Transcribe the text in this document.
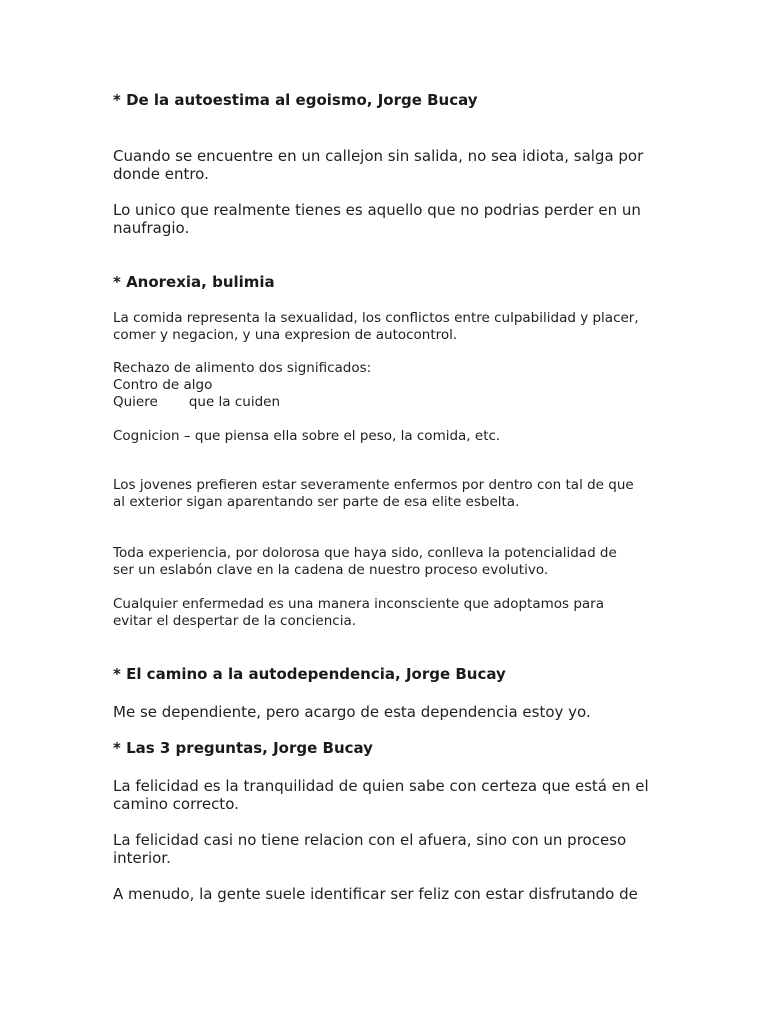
* De la autoestima al egoismo, Jorge Bucay
Cuando se encuentre en un callejon sin salida, no sea idiota, salga por
donde entro.
Lo unico que realmente tienes es aquello que no podrias perder en un
naufragio.
* Anorexia, bulimia
La comida representa la sexualidad, los conflictos entre culpabilidad y placer,
comer y negacion, y una expresion de autocontrol.
Rechazo de alimento dos significados:
Contro de algo
Quiere que la cuiden
Cognicion – que piensa ella sobre el peso, la comida, etc.
Los jovenes prefieren estar severamente enfermos por dentro con tal de que
al exterior sigan aparentando ser parte de esa elite esbelta.
Toda experiencia, por dolorosa que haya sido, conlleva la potencialidad de
ser un eslabón clave en la cadena de nuestro proceso evolutivo.
Cualquier enfermedad es una manera inconsciente que adoptamos para
evitar el despertar de la conciencia.
* El camino a la autodependencia, Jorge Bucay
Me se dependiente, pero acargo de esta dependencia estoy yo.
* Las 3 preguntas, Jorge Bucay
La felicidad es la tranquilidad de quien sabe con certeza que está en el
camino correcto.
La felicidad casi no tiene relacion con el afuera, sino con un proceso
interior.
A menudo, la gente suele identificar ser feliz con estar disfrutando de
